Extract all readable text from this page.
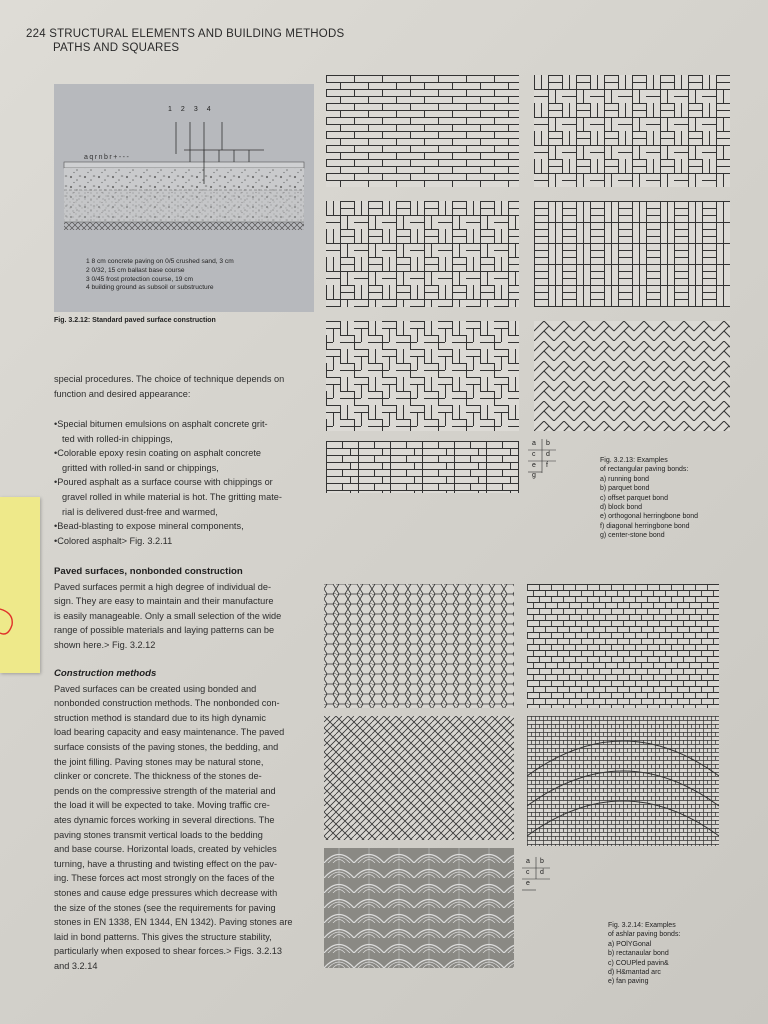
224 STRUCTURAL ELEMENTS AND BUILDING METHODS
PATHS AND SQUARES
1234
aqrnbr+---
1 8 cm concrete paving on 0/5 crushed sand, 3 cm
2 0/32, 15 cm ballast base course
3 0/45 frost protection course, 19 cm
4 building ground as subsoil or substructure
Fig. 3.2.12: Standard paved surface construction
special procedures. The choice of technique depends on function and desired appearance:
•Special bitumen emulsions on asphalt concrete grit-
ted with rolled-in chippings,
•Colorable epoxy resin coating on asphalt concrete
gritted with rolled-in sand or chippings,
•Poured asphalt as a surface course with chippings or
gravel rolled in while material is hot. The gritting mate-
rial is delivered dust-free and warmed,
•Bead-blasting to expose mineral components,
•Colored asphalt> Fig. 3.2.11
Paved surfaces, nonbonded construction
Paved surfaces permit a high degree of individual de-
sign. They are easy to maintain and their manufacture
is easily manageable. Only a small selection of the wide
range of possible materials and laying patterns can be
shown here.> Fig. 3.2.12
Construction methods
Paved surfaces can be created using bonded and
nonbonded construction methods. The nonbonded con-
struction method is standard due to its high dynamic
load bearing capacity and easy maintenance. The paved
surface consists of the paving stones, the bedding, and
the joint filling. Paving stones may be natural stone,
clinker or concrete. The thickness of the stones de-
pends on the compressive strength of the material and
the load it will be expected to take. Moving traffic cre-
ates dynamic forces working in several directions. The
paving stones transmit vertical loads to the bedding
and base course. Horizontal loads, created by vehicles
turning, have a thrusting and twisting effect on the pav-
ing. These forces act most strongly on the faces of the
stones and cause edge pressures which decrease with
the size of the stones (see the requirements for paving
stones in EN 1338, EN 1344, EN 1342). Paving stones are
laid in bond patterns. This gives the structure stability,
particularly when exposed to shear forces.> Figs. 3.2.13
and 3.2.14
a b
c d
e f
g
Fig. 3.2.13: Examples
of rectangular paving bonds:
a) running bond
b) parquet bond
c) offset parquet bond
d) block bond
e) orthogonal herringbone bond
f) diagonal herringbone bond
g) center-stone bond
a b
c d
e
Fig. 3.2.14: Examples
of ashlar paving bonds:
a) POlYGonal
b) rectanaular bond
c) COUPled pavin&
d) H&mantad arc
e) fan paving
